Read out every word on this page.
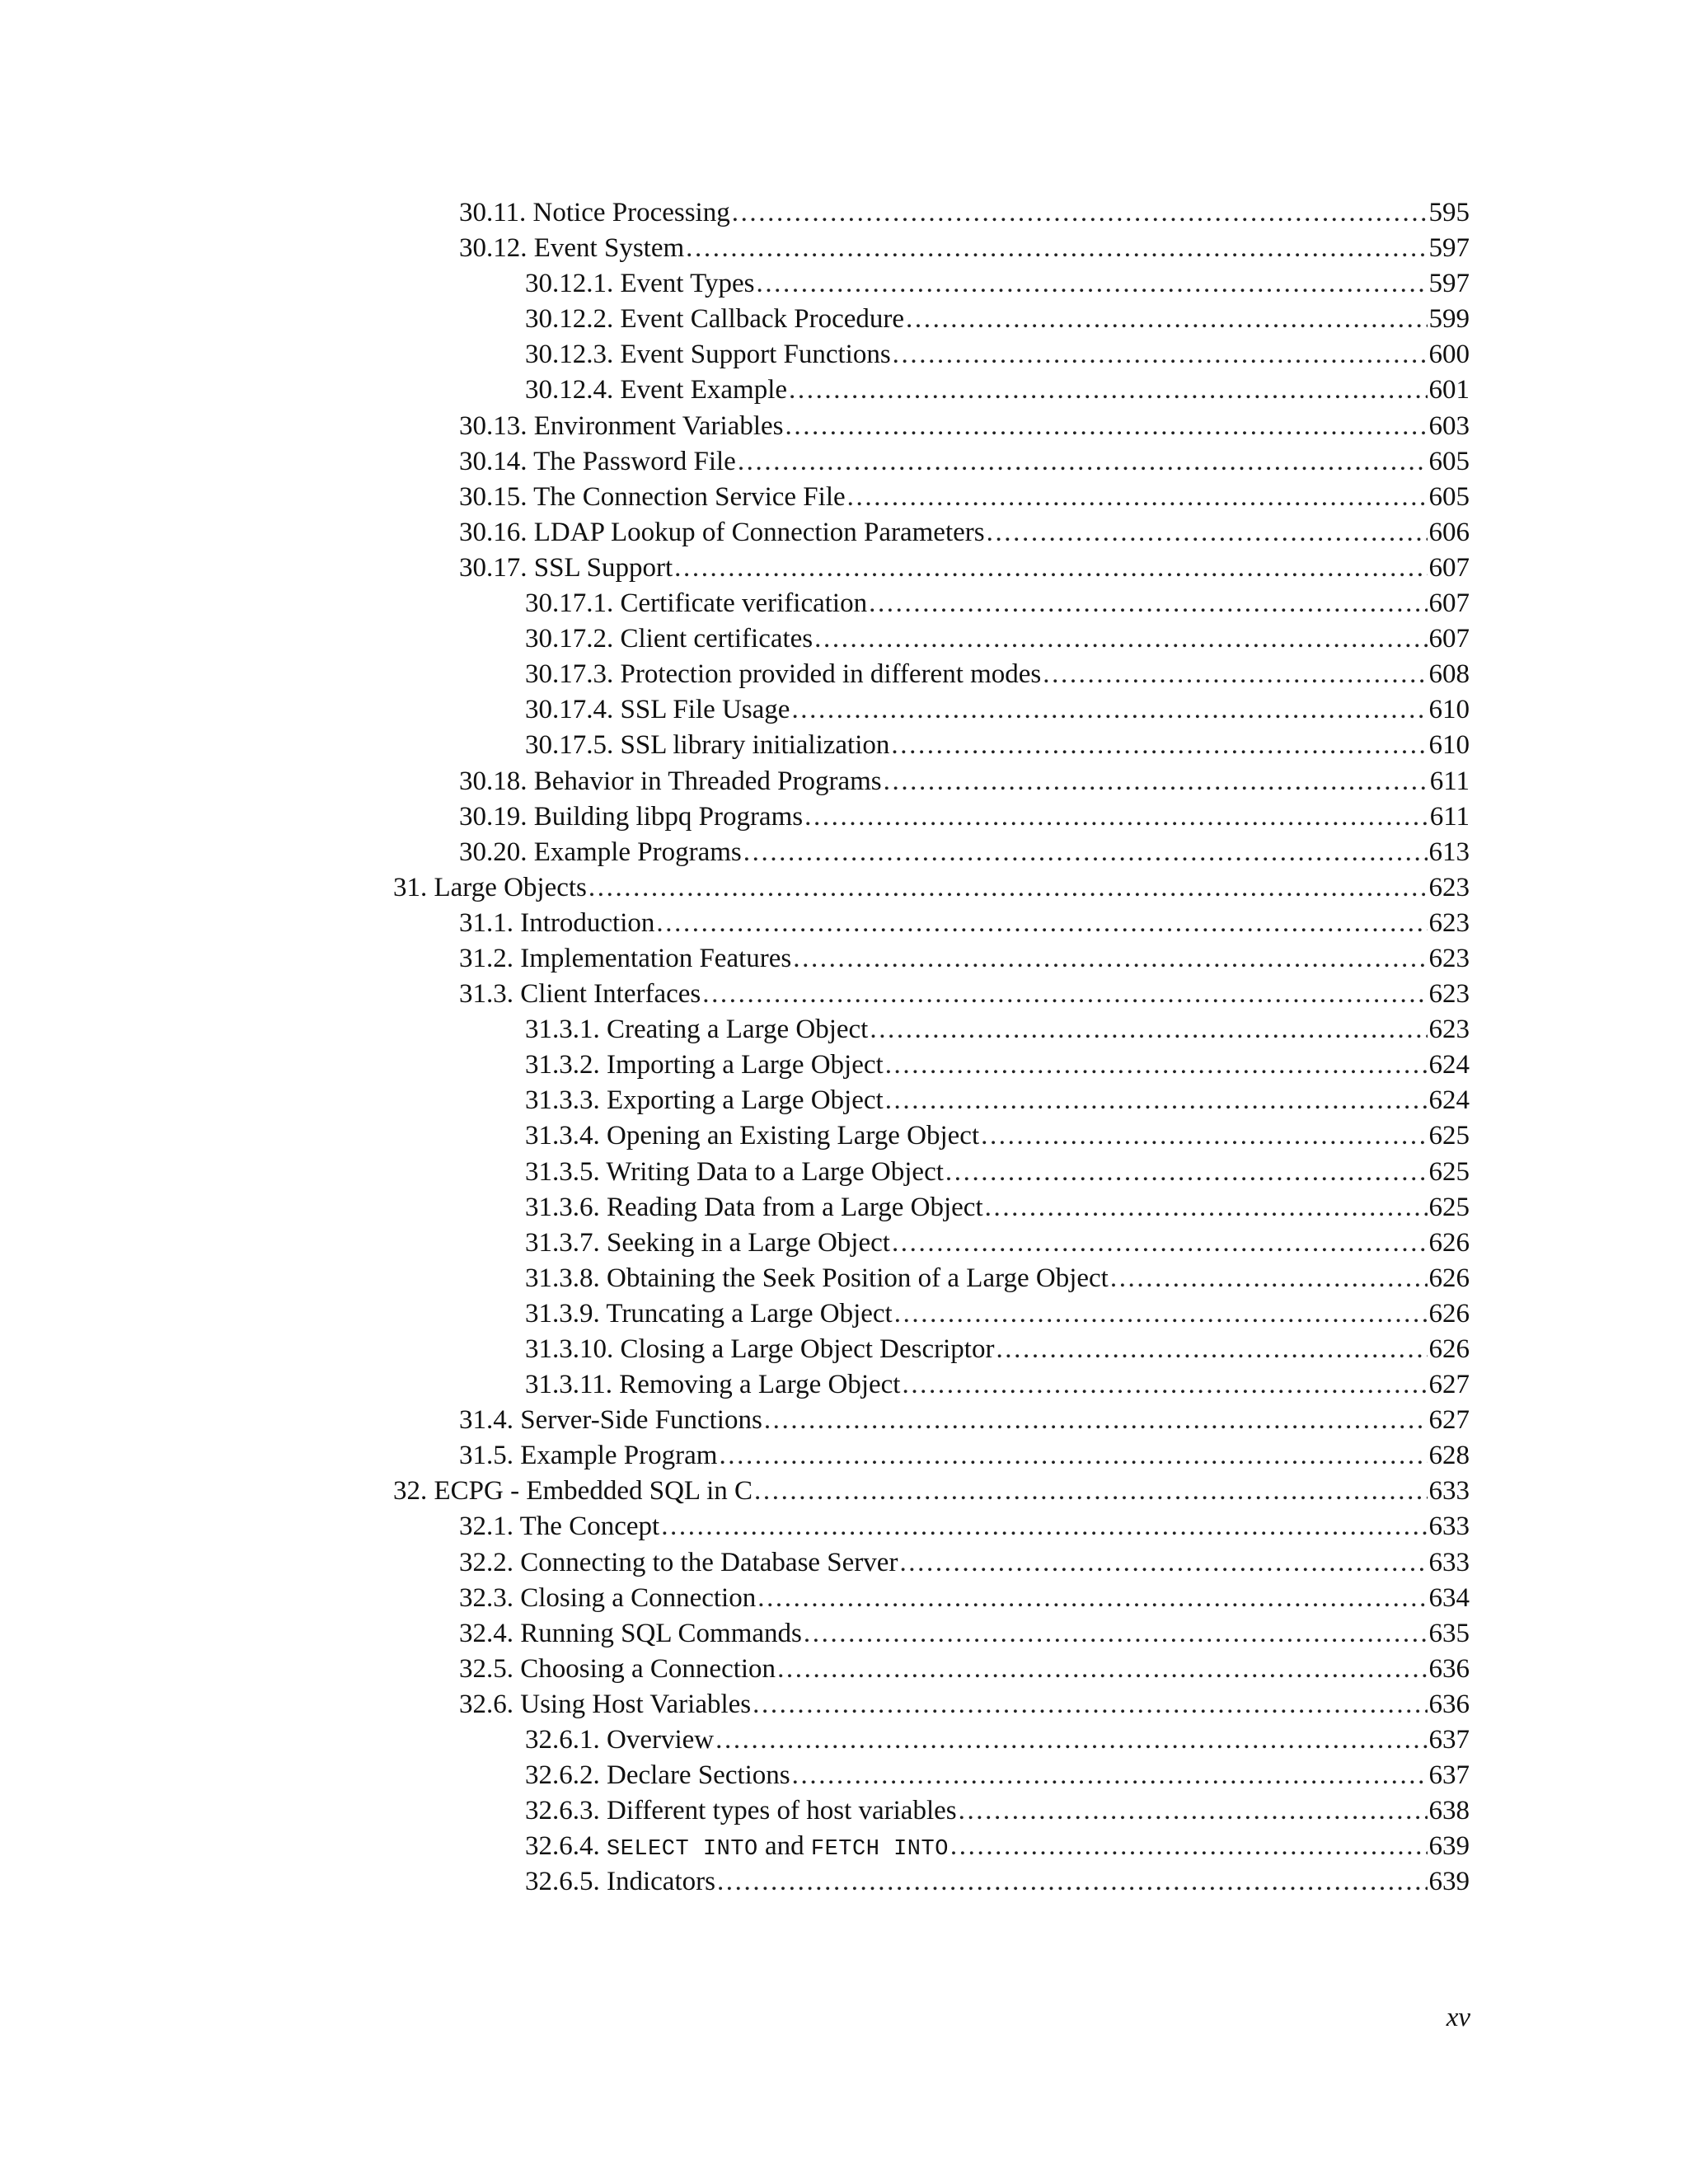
30.11. Notice Processing .....	595
30.12. Event System .....	597
30.12.1. Event Types .....	597
30.12.2. Event Callback Procedure .....	599
30.12.3. Event Support Functions .....	600
30.12.4. Event Example .....	601
30.13. Environment Variables .....	603
30.14. The Password File .....	605
30.15. The Connection Service File .....	605
30.16. LDAP Lookup of Connection Parameters .....	606
30.17. SSL Support .....	607
30.17.1. Certificate verification .....	607
30.17.2. Client certificates .....	607
30.17.3. Protection provided in different modes .....	608
30.17.4. SSL File Usage .....	610
30.17.5. SSL library initialization .....	610
30.18. Behavior in Threaded Programs .....	611
30.19. Building libpq Programs .....	611
30.20. Example Programs .....	613
31. Large Objects .....	623
31.1. Introduction .....	623
31.2. Implementation Features .....	623
31.3. Client Interfaces .....	623
31.3.1. Creating a Large Object .....	623
31.3.2. Importing a Large Object .....	624
31.3.3. Exporting a Large Object .....	624
31.3.4. Opening an Existing Large Object .....	625
31.3.5. Writing Data to a Large Object .....	625
31.3.6. Reading Data from a Large Object .....	625
31.3.7. Seeking in a Large Object .....	626
31.3.8. Obtaining the Seek Position of a Large Object .....	626
31.3.9. Truncating a Large Object .....	626
31.3.10. Closing a Large Object Descriptor .....	626
31.3.11. Removing a Large Object .....	627
31.4. Server-Side Functions .....	627
31.5. Example Program .....	628
32. ECPG - Embedded SQL in C .....	633
32.1. The Concept .....	633
32.2. Connecting to the Database Server .....	633
32.3. Closing a Connection .....	634
32.4. Running SQL Commands .....	635
32.5. Choosing a Connection .....	636
32.6. Using Host Variables .....	636
32.6.1. Overview .....	637
32.6.2. Declare Sections .....	637
32.6.3. Different types of host variables .....	638
32.6.4. SELECT INTO and FETCH INTO .....	639
32.6.5. Indicators .....	639
xv
